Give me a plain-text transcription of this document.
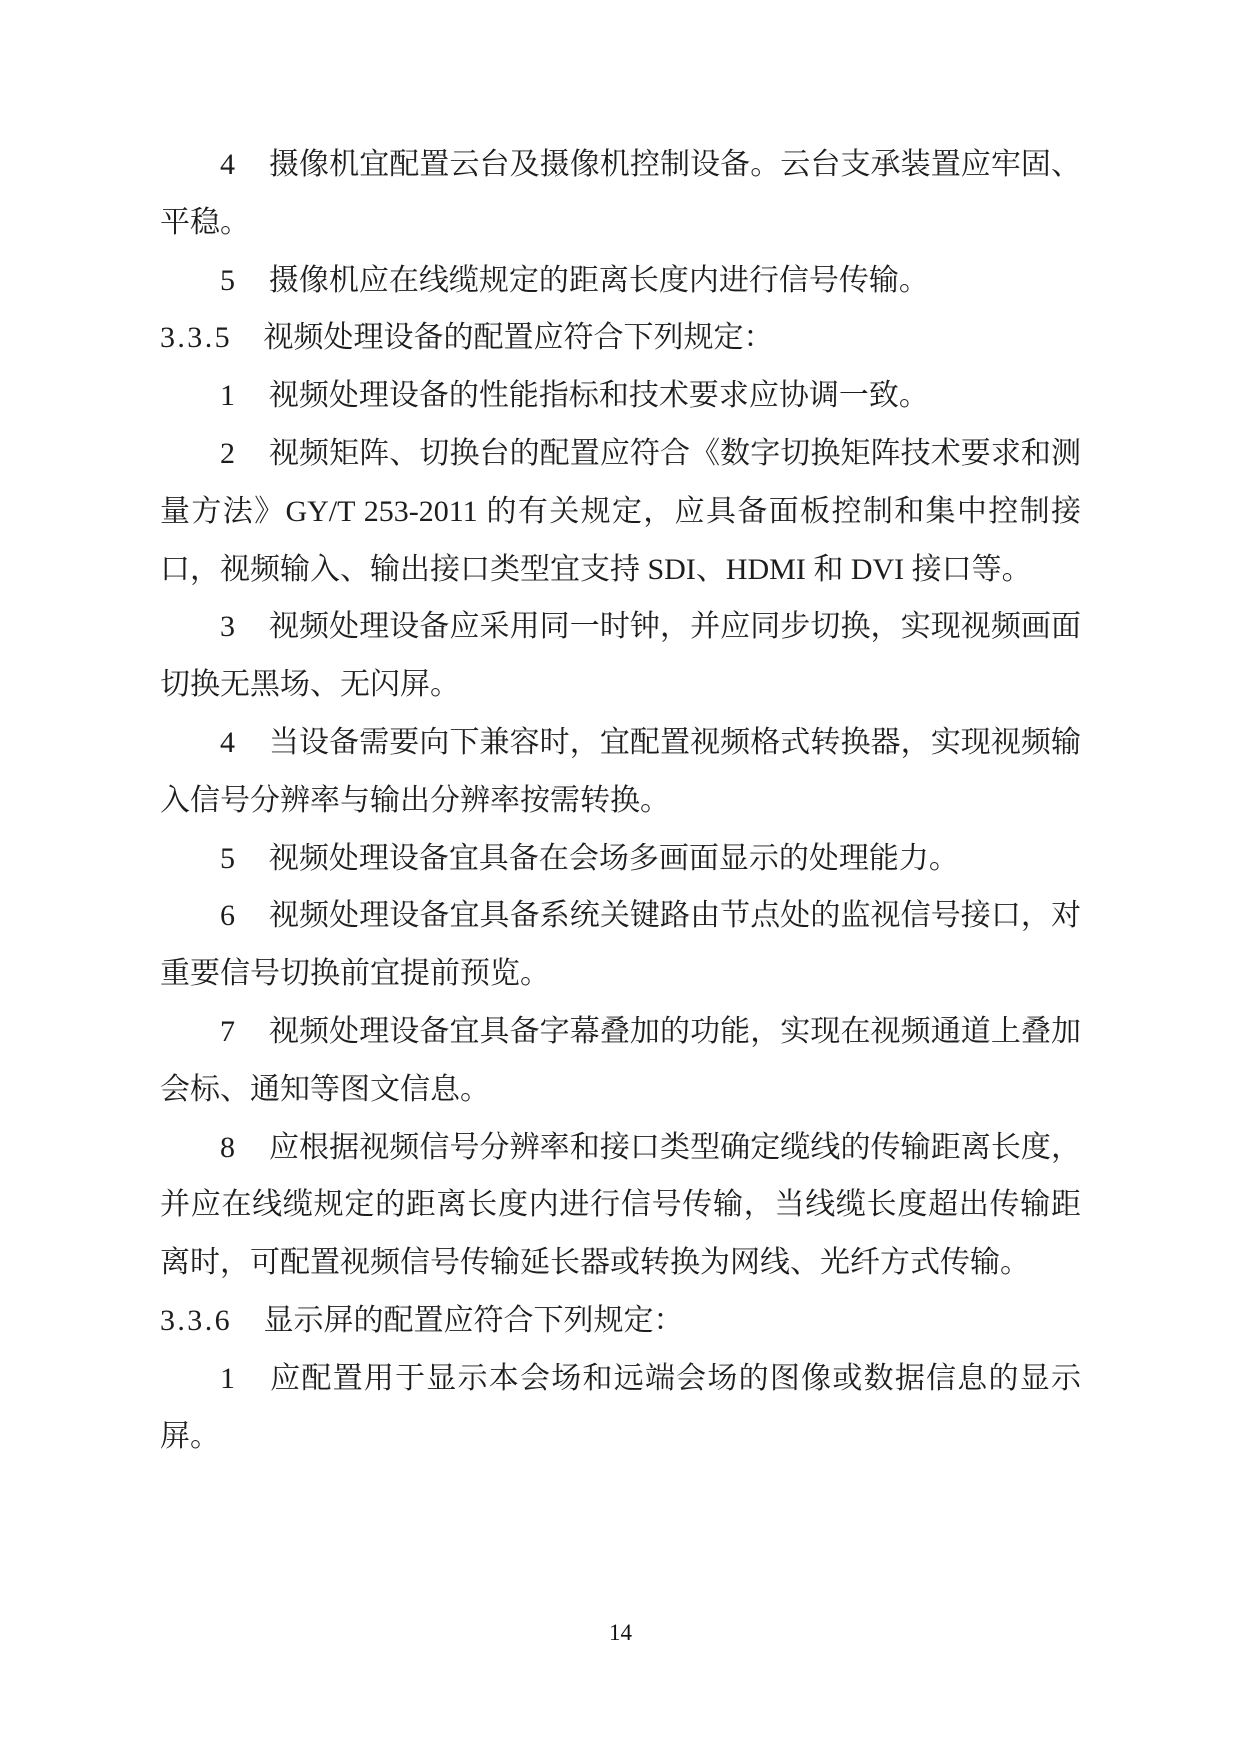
4 摄像机宜配置云台及摄像机控制设备。云台支承装置应牢固、平稳。

5 摄像机应在线缆规定的距离长度内进行信号传输。

3.3.5 视频处理设备的配置应符合下列规定：

1 视频处理设备的性能指标和技术要求应协调一致。

2 视频矩阵、切换台的配置应符合《数字切换矩阵技术要求和测量方法》GY/T 253-2011 的有关规定，应具备面板控制和集中控制接口，视频输入、输出接口类型宜支持 SDI、HDMI 和 DVI 接口等。

3 视频处理设备应采用同一时钟，并应同步切换，实现视频画面切换无黑场、无闪屏。

4 当设备需要向下兼容时，宜配置视频格式转换器，实现视频输入信号分辨率与输出分辨率按需转换。

5 视频处理设备宜具备在会场多画面显示的处理能力。

6 视频处理设备宜具备系统关键路由节点处的监视信号接口，对重要信号切换前宜提前预览。

7 视频处理设备宜具备字幕叠加的功能，实现在视频通道上叠加会标、通知等图文信息。

8 应根据视频信号分辨率和接口类型确定缆线的传输距离长度，并应在线缆规定的距离长度内进行信号传输，当线缆长度超出传输距离时，可配置视频信号传输延长器或转换为网线、光纤方式传输。

3.3.6 显示屏的配置应符合下列规定：

1 应配置用于显示本会场和远端会场的图像或数据信息的显示屏。

14
